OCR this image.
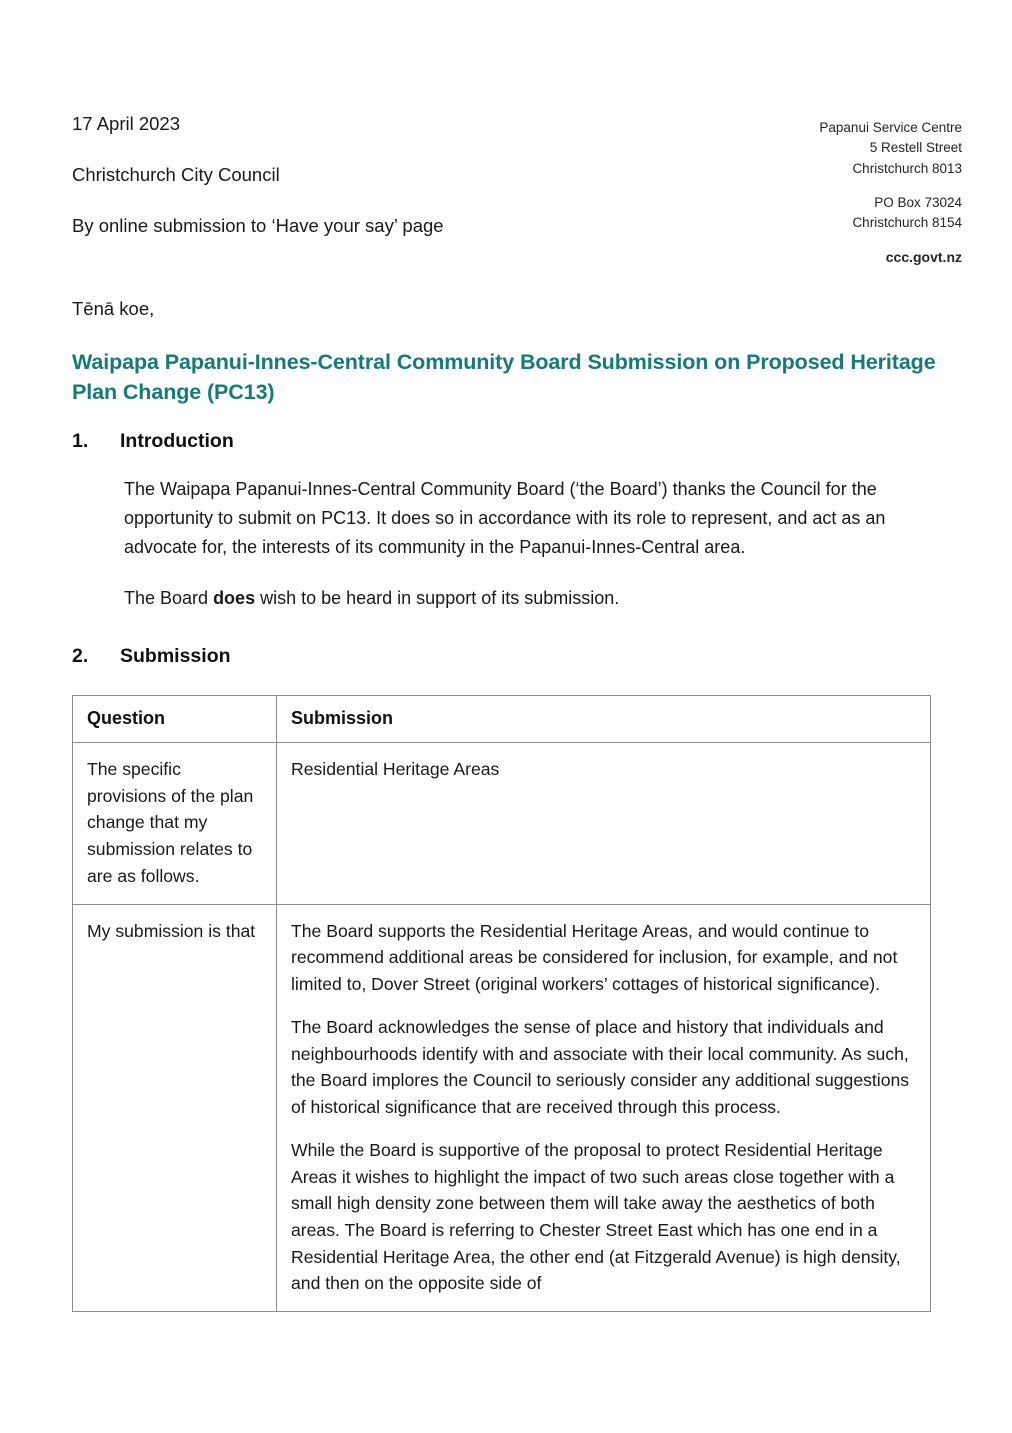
17 April 2023
Christchurch City Council
By online submission to ‘Have your say’ page
Papanui Service Centre
5 Restell Street
Christchurch 8013
PO Box 73024
Christchurch 8154
ccc.govt.nz
Tēnā koe,
Waipapa Papanui-Innes-Central Community Board Submission on Proposed Heritage Plan Change (PC13)
1.	Introduction

The Waipapa Papanui-Innes-Central Community Board (‘the Board’) thanks the Council for the opportunity to submit on PC13. It does so in accordance with its role to represent, and act as an advocate for, the interests of its community in the Papanui-Innes-Central area.

The Board does wish to be heard in support of its submission.

2.	Submission
Question	Submission
The specific provisions of the plan change that my submission relates to are as follows.	Residential Heritage Areas

My submission is that	The Board supports the Residential Heritage Areas, and would continue to recommend additional areas be considered for inclusion, for example, and not limited to, Dover Street (original workers’ cottages of historical significance).

The Board acknowledges the sense of place and history that individuals and neighbourhoods identify with and associate with their local community. As such, the Board implores the Council to seriously consider any additional suggestions of historical significance that are received through this process.

While the Board is supportive of the proposal to protect Residential Heritage Areas it wishes to highlight the impact of two such areas close together with a small high density zone between them will take away the aesthetics of both areas. The Board is referring to Chester Street East which has one end in a Residential Heritage Area, the other end (at Fitzgerald Avenue) is high density, and then on the opposite side of
